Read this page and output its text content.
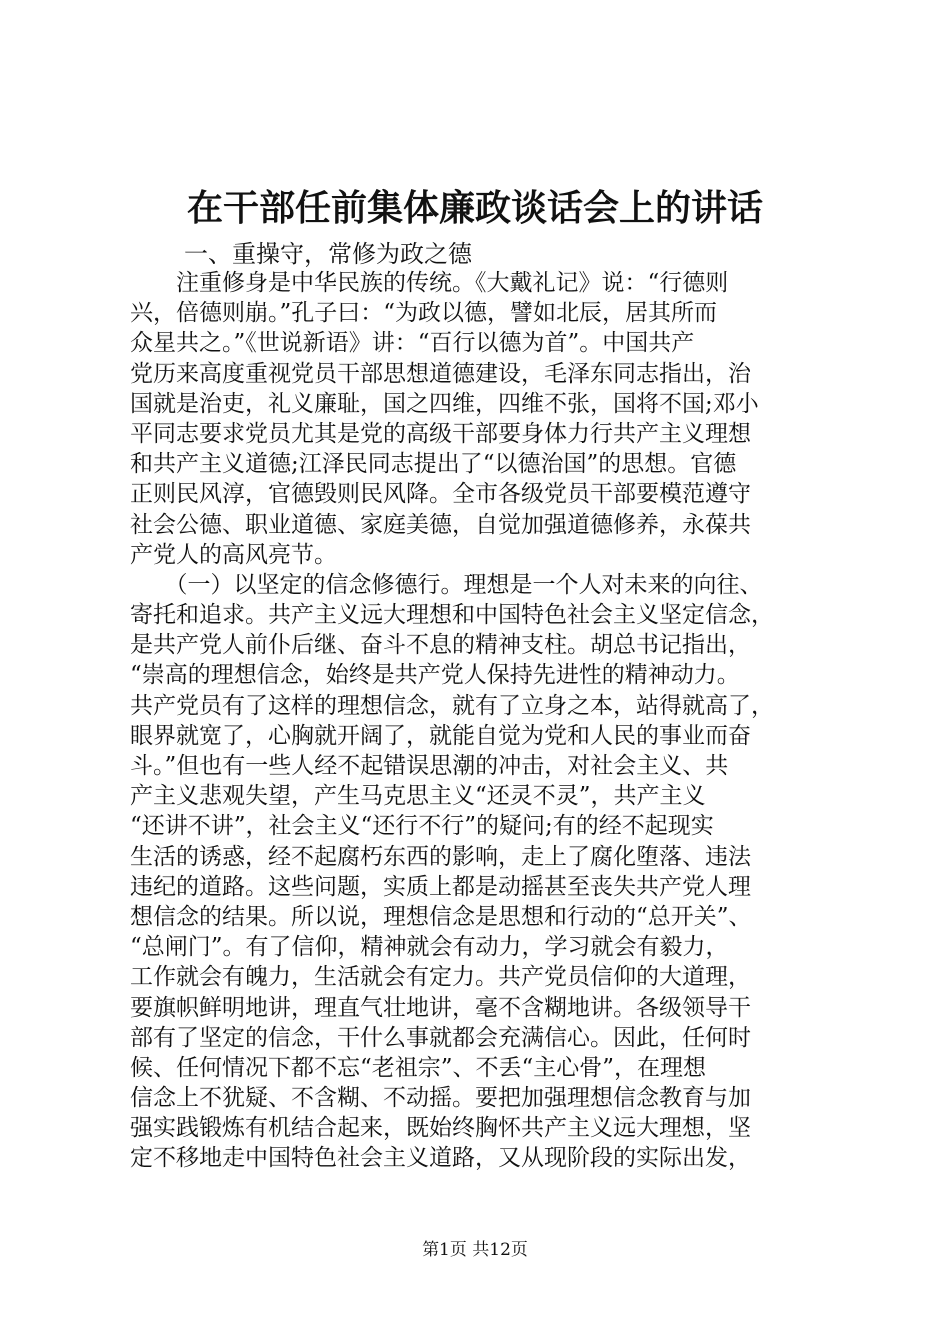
在干部任前集体廉政谈话会上的讲话
一、重操守，常修为政之德
　　注重修身是中华民族的传统。《大戴礼记》说：“行德则
兴，倍德则崩。”孔子曰：“为政以德，譬如北辰，居其所而
众星共之。”《世说新语》讲：“百行以德为首”。中国共产
党历来高度重视党员干部思想道德建设，毛泽东同志指出，治
国就是治吏，礼义廉耻，国之四维，四维不张，国将不国;邓小
平同志要求党员尤其是党的高级干部要身体力行共产主义理想
和共产主义道德;江泽民同志提出了“以德治国”的思想。官德
正则民风淳，官德毁则民风降。全市各级党员干部要模范遵守
社会公德、职业道德、家庭美德，自觉加强道德修养，永葆共
产党人的高风亮节。
　　（一）以坚定的信念修德行。理想是一个人对未来的向往、
寄托和追求。共产主义远大理想和中国特色社会主义坚定信念，
是共产党人前仆后继、奋斗不息的精神支柱。胡总书记指出，
“崇高的理想信念，始终是共产党人保持先进性的精神动力。
共产党员有了这样的理想信念，就有了立身之本，站得就高了，
眼界就宽了，心胸就开阔了，就能自觉为党和人民的事业而奋
斗。”但也有一些人经不起错误思潮的冲击，对社会主义、共
产主义悲观失望，产生马克思主义“还灵不灵”，共产主义
“还讲不讲”，社会主义“还行不行”的疑问;有的经不起现实
生活的诱惑，经不起腐朽东西的影响，走上了腐化堕落、违法
违纪的道路。这些问题，实质上都是动摇甚至丧失共产党人理
想信念的结果。所以说，理想信念是思想和行动的“总开关”、
“总闸门”。有了信仰，精神就会有动力，学习就会有毅力，
工作就会有魄力，生活就会有定力。共产党员信仰的大道理，
要旗帜鲜明地讲，理直气壮地讲，毫不含糊地讲。各级领导干
部有了坚定的信念，干什么事就都会充满信心。因此，任何时
候、任何情况下都不忘“老祖宗”、不丢“主心骨”，在理想
信念上不犹疑、不含糊、不动摇。要把加强理想信念教育与加
强实践锻炼有机结合起来，既始终胸怀共产主义远大理想，坚
定不移地走中国特色社会主义道路，又从现阶段的实际出发，
第1页 共12页
